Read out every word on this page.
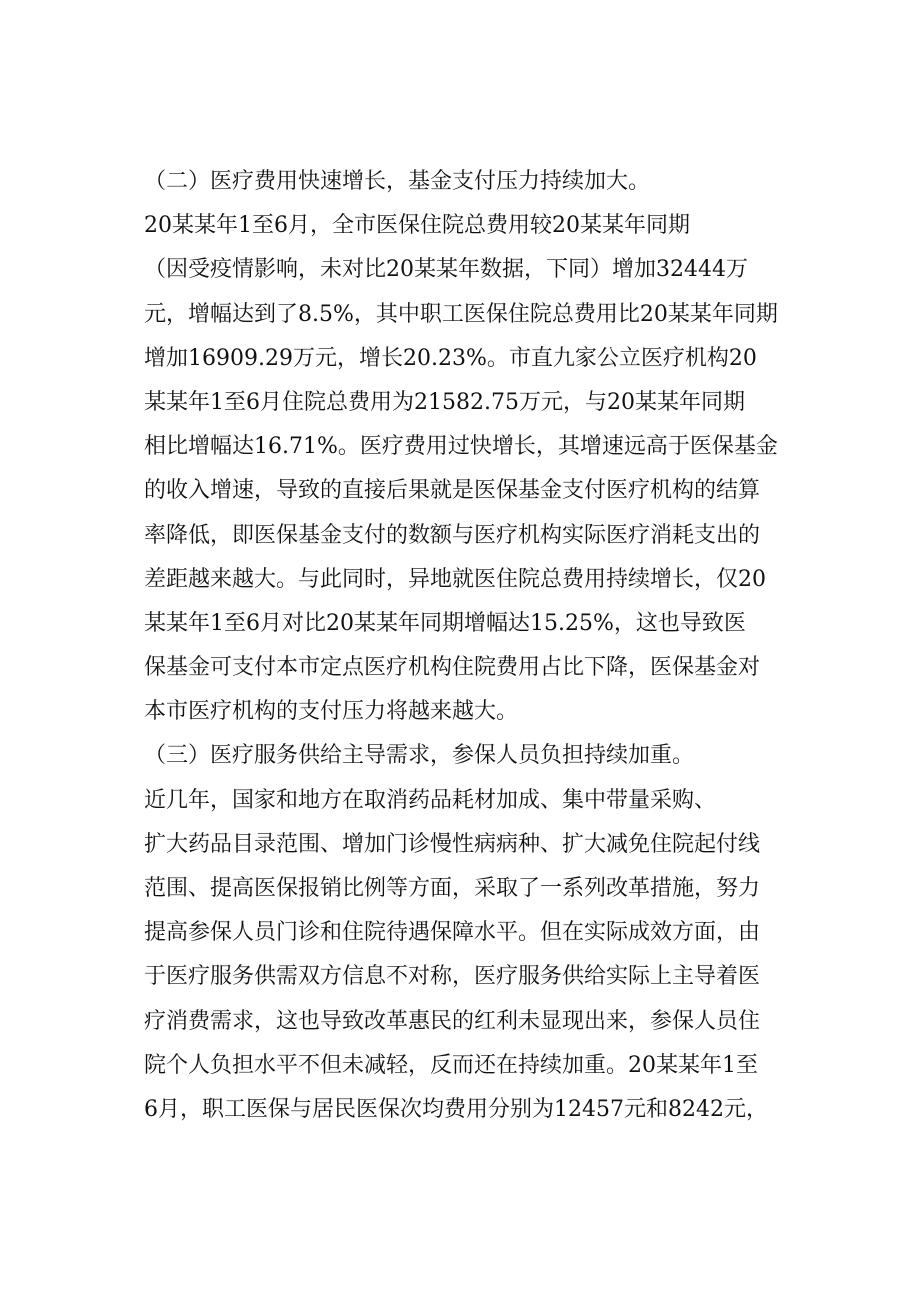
（二）医疗费用快速增长，基金支付压力持续加大。
20某某年1至6月，全市医保住院总费用较20某某年同期
（因受疫情影响，未对比20某某年数据，下同）增加32444万
元，增幅达到了8.5%，其中职工医保住院总费用比20某某年同期
增加16909.29万元，增长20.23%。市直九家公立医疗机构20
某某年1至6月住院总费用为21582.75万元，与20某某年同期
相比增幅达16.71%。医疗费用过快增长，其增速远高于医保基金
的收入增速，导致的直接后果就是医保基金支付医疗机构的结算
率降低，即医保基金支付的数额与医疗机构实际医疗消耗支出的
差距越来越大。与此同时，异地就医住院总费用持续增长，仅20
某某年1至6月对比20某某年同期增幅达15.25%，这也导致医
保基金可支付本市定点医疗机构住院费用占比下降，医保基金对
本市医疗机构的支付压力将越来越大。
（三）医疗服务供给主导需求，参保人员负担持续加重。
近几年，国家和地方在取消药品耗材加成、集中带量采购、
扩大药品目录范围、增加门诊慢性病病种、扩大减免住院起付线
范围、提高医保报销比例等方面，采取了一系列改革措施，努力
提高参保人员门诊和住院待遇保障水平。但在实际成效方面，由
于医疗服务供需双方信息不对称，医疗服务供给实际上主导着医
疗消费需求，这也导致改革惠民的红利未显现出来，参保人员住
院个人负担水平不但未减轻，反而还在持续加重。20某某年1至
6月，职工医保与居民医保次均费用分别为12457元和8242元，
